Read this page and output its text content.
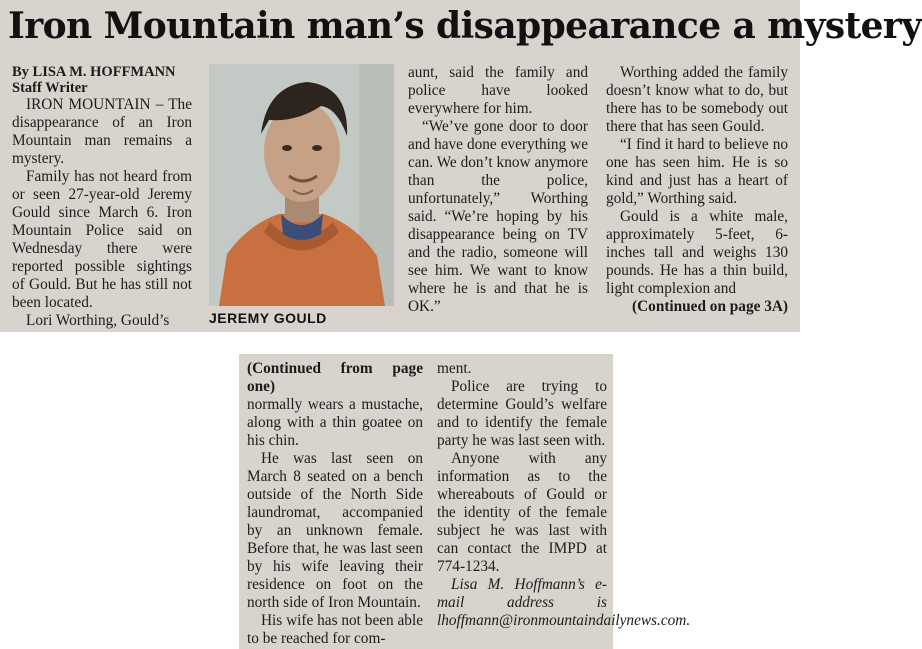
Iron Mountain man’s disappearance a mystery
By LISA M. HOFFMANN
Staff Writer

IRON MOUNTAIN – The disappearance of an Iron Mountain man remains a mystery.

Family has not heard from or seen 27-year-old Jeremy Gould since March 6. Iron Mountain Police said on Wednesday there were reported possible sightings of Gould. But he has still not been located.

Lori Worthing, Gould’s	JEREMY GOULD

aunt, said the family and police have looked everywhere for him.

“We’ve gone door to door and have done everything we can. We don’t know anymore than the police, unfortunately,” Worthing said. “We’re hoping by his disappearance being on TV and the radio, someone will see him. We want to know where he is and that he is OK.”

Worthing added the family doesn’t know what to do, but there has to be somebody out there that has seen Gould.

“I find it hard to believe no one has seen him. He is so kind and just has a heart of gold,” Worthing said.

Gould is a white male, approximately 5-feet, 6-inches tall and weighs 130 pounds. He has a thin build, light complexion and

(Continued on page 3A)

(Continued from page one)

normally wears a mustache, along with a thin goatee on his chin.

He was last seen on March 8 seated on a bench outside of the North Side laundromat, accompanied by an unknown female. Before that, he was last seen by his wife leaving their residence on foot on the north side of Iron Mountain.

His wife has not been able to be reached for com-

ment.

Police are trying to determine Gould’s welfare and to identify the female party he was last seen with.

Anyone with any information as to the whereabouts of Gould or the identity of the female subject he was last with can contact the IMPD at 774-1234.

Lisa M. Hoffmann’s e-mail address is lhoffmann@ironmountaindailynews.com.
